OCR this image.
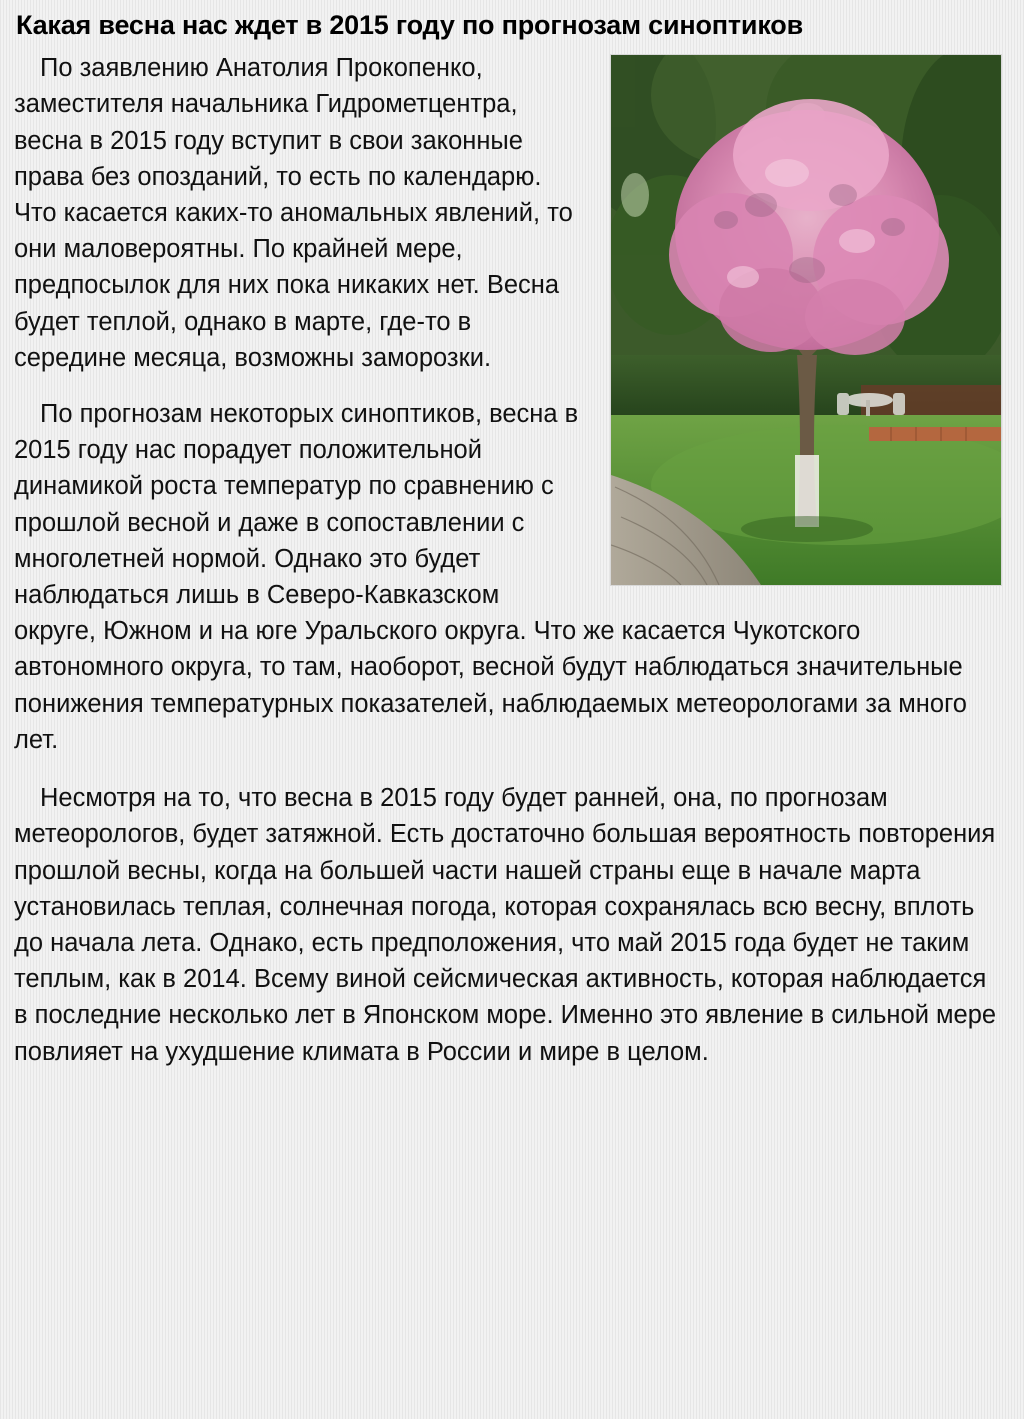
Какая весна нас ждет в 2015 году по прогнозам синоптиков

По заявлению Анатолия Прокопенко, заместителя начальника Гидрометцентра, весна в 2015 году вступит в свои законные права без опозданий, то есть по календарю. Что касается каких-то аномальных явлений, то они маловероятны. По крайней мере, предпосылок для них пока никаких нет. Весна будет теплой, однако в марте, где-то в середине месяца, возможны заморозки.

По прогнозам некоторых синоптиков, весна в 2015 году нас порадует положительной динамикой роста температур по сравнению с прошлой весной и даже в сопоставлении с многолетней нормой. Однако это будет наблюдаться лишь в Северо-Кавказском округе, Южном и на юге Уральского округа. Что же касается Чукотского автономного округа, то там, наоборот, весной будут наблюдаться значительные понижения температурных показателей, наблюдаемых метеорологами за много лет.

Несмотря на то, что весна в 2015 году будет ранней, она, по прогнозам метеорологов, будет затяжной. Есть достаточно большая вероятность повторения прошлой весны, когда на большей части нашей страны еще в начале марта установилась теплая, солнечная погода, которая сохранялась всю весну, вплоть до начала лета. Однако, есть предположения, что май 2015 года будет не таким теплым, как в 2014. Всему виной сейсмическая активность, которая наблюдается в последние несколько лет в Японском море. Именно это явление в сильной мере повлияет на ухудшение климата в России и мире в целом.
